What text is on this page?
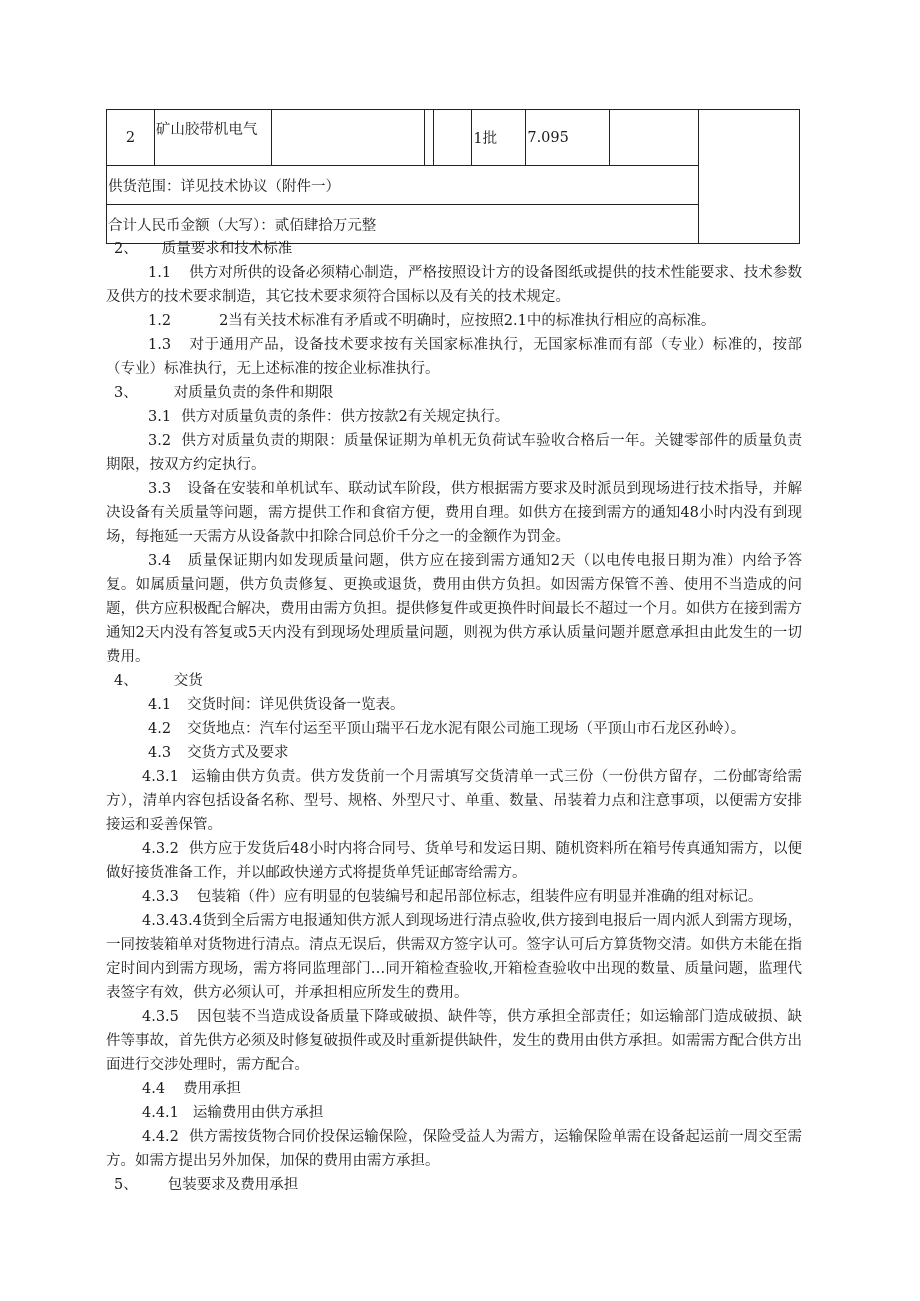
2	矿山胶带机电气				1批	7.095		
供货范围：详见技术协议（附件一）
合计人民币金额（大写）：贰佰肆拾万元整

2、 质量要求和技术标准

1.1 供方对所供的设备必须精心制造，严格按照设计方的设备图纸或提供的技术性能要求、技术参数及供方的技术要求制造，其它技术要求须符合国标以及有关的技术规定。

1.2	2当有关技术标准有矛盾或不明确时，应按照2.1中的标准执行相应的高标准。

1.3 对于通用产品，设备技术要求按有关国家标准执行，无国家标准而有部（专业）标准的，按部（专业）标准执行，无上述标准的按企业标准执行。

3、 对质量负责的条件和期限

3.1 供方对质量负责的条件：供方按款2有关规定执行。

3.2 供方对质量负责的期限：质量保证期为单机无负荷试车验收合格后一年。关键零部件的质量负责期限，按双方约定执行。

3.3 设备在安装和单机试车、联动试车阶段，供方根据需方要求及时派员到现场进行技术指导，并解决设备有关质量等问题，需方提供工作和食宿方便，费用自理。如供方在接到需方的通知48小时内没有到现场，每拖延一天需方从设备款中扣除合同总价千分之一的金额作为罚金。

3.4 质量保证期内如发现质量问题，供方应在接到需方通知2天（以电传电报日期为准）内给予答复。如属质量问题，供方负责修复、更换或退货，费用由供方负担。如因需方保管不善、使用不当造成的问题，供方应积极配合解决，费用由需方负担。提供修复件或更换件时间最长不超过一个月。如供方在接到需方通知2天内没有答复或5天内没有到现场处理质量问题，则视为供方承认质量问题并愿意承担由此发生的一切费用。

4、 交货

4.1 交货时间：详见供货设备一览表。

4.2 交货地点：汽车付运至平顶山瑞平石龙水泥有限公司施工现场（平顶山市石龙区孙岭）。

4.3 交货方式及要求

4.3.1 运输由供方负责。供方发货前一个月需填写交货清单一式三份（一份供方留存，二份邮寄给需方），清单内容包括设备名称、型号、规格、外型尺寸、单重、数量、吊装着力点和注意事项，以便需方安排接运和妥善保管。

4.3.2 供方应于发货后48小时内将合同号、货单号和发运日期、随机资料所在箱号传真通知需方，以便做好接货准备工作，并以邮政快递方式将提货单凭证邮寄给需方。

4.3.3 包装箱（件）应有明显的包装编号和起吊部位标志，组装件应有明显并准确的组对标记。

4.3.43.4货到全后需方电报通知供方派人到现场进行清点验收,供方接到电报后一周内派人到需方现场，一同按装箱单对货物进行清点。清点无误后，供需双方签字认可。签字认可后方算货物交清。如供方未能在指定时间内到需方现场，需方将同监理部门…同开箱检查验收,开箱检查验收中出现的数量、质量问题，监理代表签字有效，供方必须认可，并承担相应所发生的费用。

4.3.5 因包装不当造成设备质量下降或破损、缺件等，供方承担全部责任；如运输部门造成破损、缺件等事故，首先供方必须及时修复破损件或及时重新提供缺件，发生的费用由供方承担。如需需方配合供方出面进行交涉处理时，需方配合。

4.4 费用承担

4.4.1 运输费用由供方承担

4.4.2 供方需按货物合同价投保运输保险，保险受益人为需方，运输保险单需在设备起运前一周交至需方。如需方提出另外加保，加保的费用由需方承担。

5、 包装要求及费用承担
